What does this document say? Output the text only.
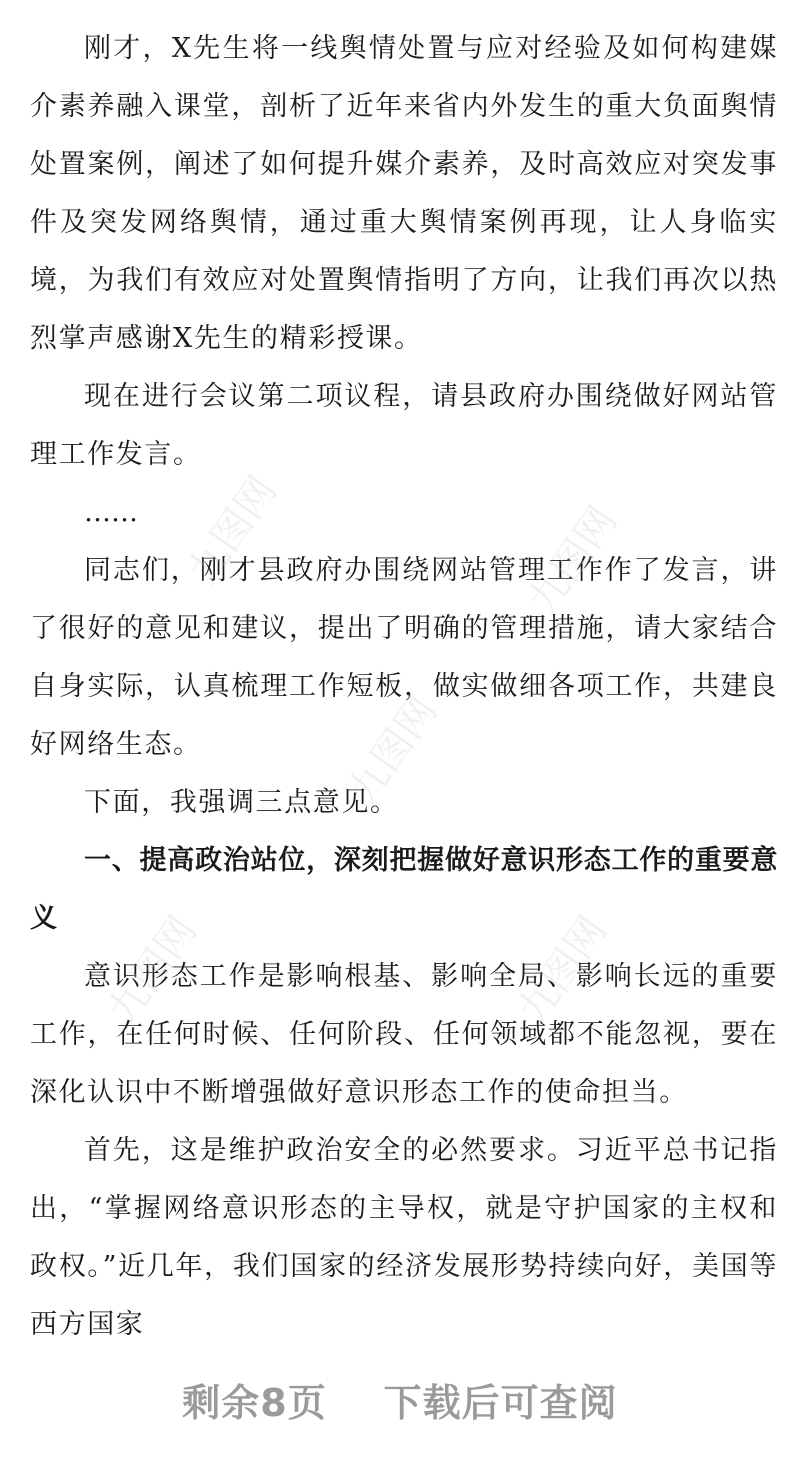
刚才，X先生将一线舆情处置与应对经验及如何构建媒介素养融入课堂，剖析了近年来省内外发生的重大负面舆情处置案例，阐述了如何提升媒介素养，及时高效应对突发事件及突发网络舆情，通过重大舆情案例再现，让人身临实境，为我们有效应对处置舆情指明了方向，让我们再次以热烈掌声感谢X先生的精彩授课。

现在进行会议第二项议程，请县政府办围绕做好网站管理工作发言。

……

同志们，刚才县政府办围绕网站管理工作作了发言，讲了很好的意见和建议，提出了明确的管理措施，请大家结合自身实际，认真梳理工作短板，做实做细各项工作，共建良好网络生态。

下面，我强调三点意见。

一、提高政治站位，深刻把握做好意识形态工作的重要意义

意识形态工作是影响根基、影响全局、影响长远的重要工作，在任何时候、任何阶段、任何领域都不能忽视，要在深化认识中不断增强做好意识形态工作的使命担当。

首先，这是维护政治安全的必然要求。习近平总书记指出，“掌握网络意识形态的主导权，就是守护国家的主权和政权。”近几年，我们国家的经济发展形势持续向好，美国等西方国家

九图网	九图网
九图网
九图网	九图网
剩余8页 下载后可查阅
